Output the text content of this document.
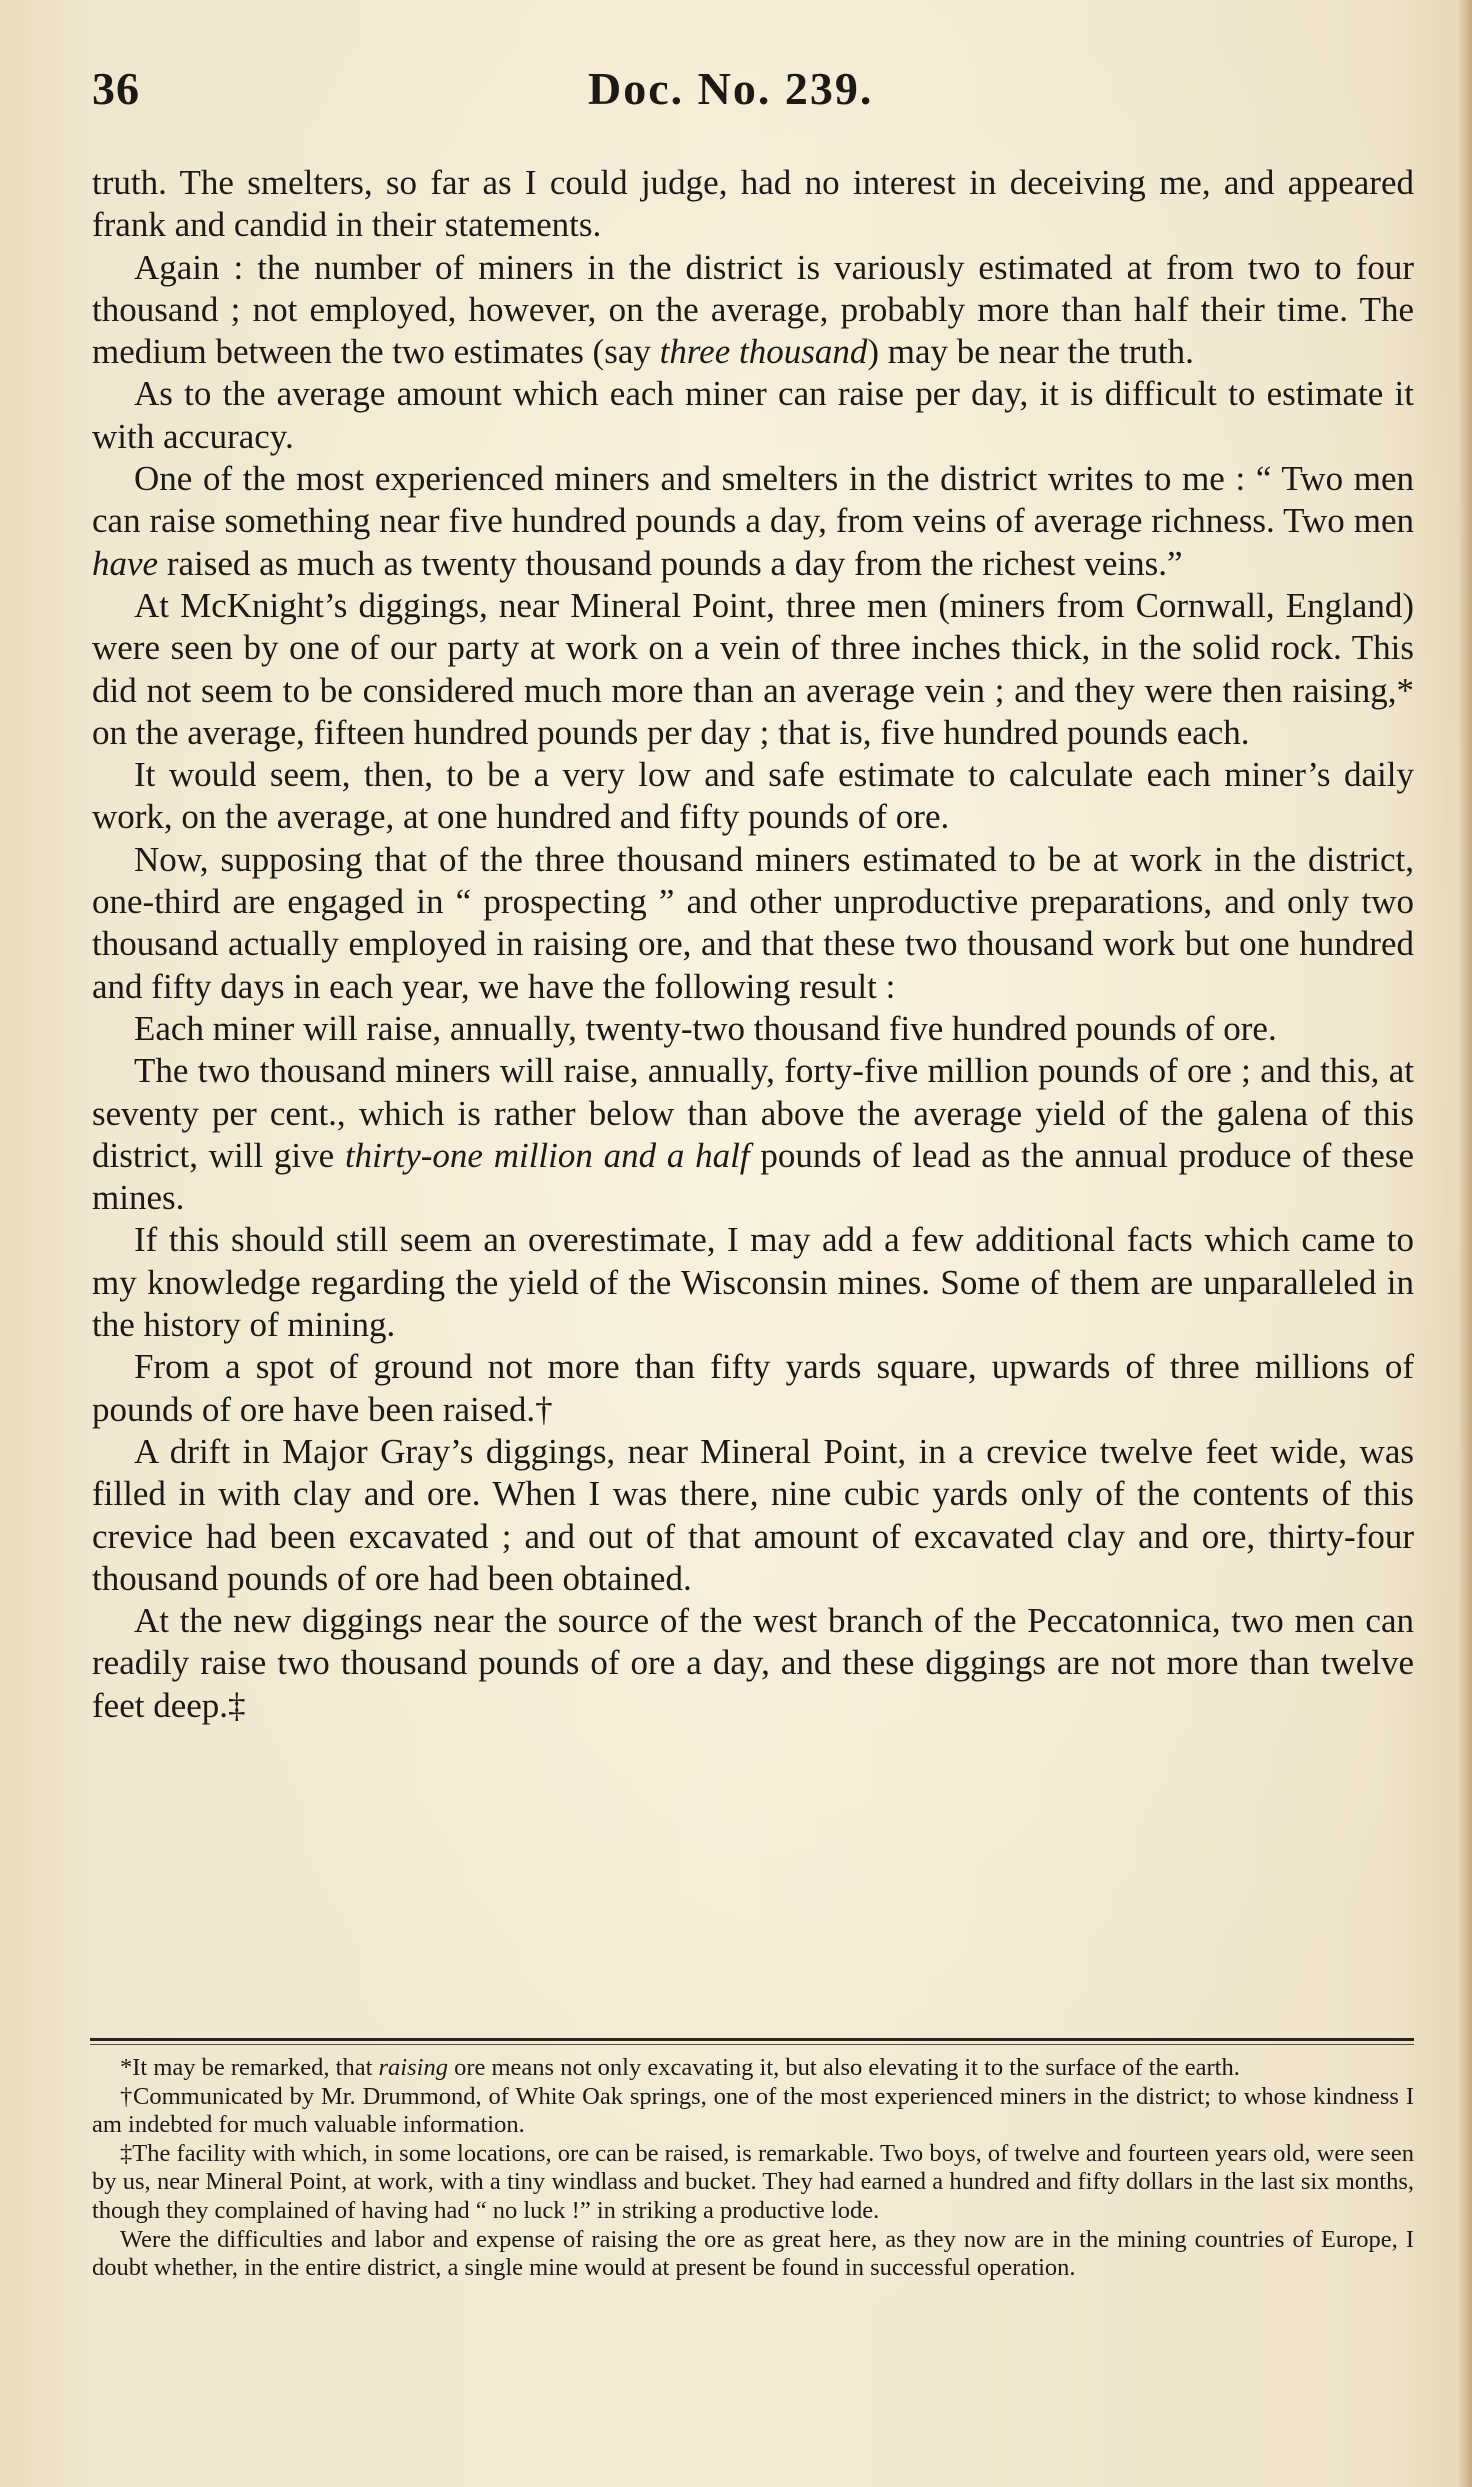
36	Doc. No. 239.

truth. The smelters, so far as I could judge, had no interest in deceiving me, and appeared frank and candid in their statements.

Again : the number of miners in the district is variously estimated at from two to four thousand ; not employed, however, on the average, probably more than half their time. The medium between the two estimates (say three thousand) may be near the truth.

As to the average amount which each miner can raise per day, it is difficult to estimate it with accuracy.

One of the most experienced miners and smelters in the district writes to me : “ Two men can raise something near five hundred pounds a day, from veins of average richness. Two men have raised as much as twenty thousand pounds a day from the richest veins.”

At McKnight’s diggings, near Mineral Point, three men (miners from Cornwall, England) were seen by one of our party at work on a vein of three inches thick, in the solid rock. This did not seem to be considered much more than an average vein ; and they were then raising,* on the average, fifteen hundred pounds per day ; that is, five hundred pounds each.

It would seem, then, to be a very low and safe estimate to calculate each miner’s daily work, on the average, at one hundred and fifty pounds of ore.

Now, supposing that of the three thousand miners estimated to be at work in the district, one-third are engaged in “ prospecting ” and other unproductive preparations, and only two thousand actually employed in raising ore, and that these two thousand work but one hundred and fifty days in each year, we have the following result :

Each miner will raise, annually, twenty-two thousand five hundred pounds of ore.

The two thousand miners will raise, annually, forty-five million pounds of ore ; and this, at seventy per cent., which is rather below than above the average yield of the galena of this district, will give thirty-one million and a half pounds of lead as the annual produce of these mines.

If this should still seem an overestimate, I may add a few additional facts which came to my knowledge regarding the yield of the Wisconsin mines. Some of them are unparalleled in the history of mining.

From a spot of ground not more than fifty yards square, upwards of three millions of pounds of ore have been raised.†

A drift in Major Gray’s diggings, near Mineral Point, in a crevice twelve feet wide, was filled in with clay and ore. When I was there, nine cubic yards only of the contents of this crevice had been excavated ; and out of that amount of excavated clay and ore, thirty-four thousand pounds of ore had been obtained.

At the new diggings near the source of the west branch of the Peccatonnica, two men can readily raise two thousand pounds of ore a day, and these diggings are not more than twelve feet deep.‡

*It may be remarked, that raising ore means not only excavating it, but also elevating it to the surface of the earth.

†Communicated by Mr. Drummond, of White Oak springs, one of the most experienced miners in the district; to whose kindness I am indebted for much valuable information.

‡The facility with which, in some locations, ore can be raised, is remarkable. Two boys, of twelve and fourteen years old, were seen by us, near Mineral Point, at work, with a tiny windlass and bucket. They had earned a hundred and fifty dollars in the last six months, though they complained of having had “ no luck !” in striking a productive lode.

Were the difficulties and labor and expense of raising the ore as great here, as they now are in the mining countries of Europe, I doubt whether, in the entire district, a single mine would at present be found in successful operation.
